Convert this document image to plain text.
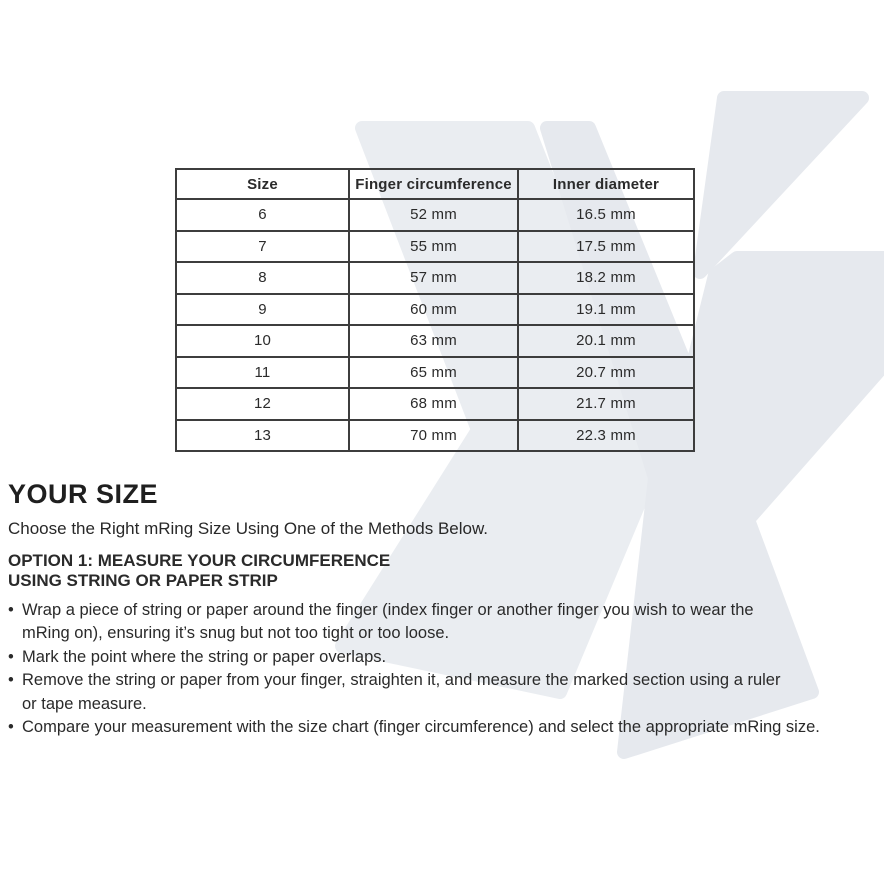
Size	Finger circumference	Inner diameter
6	52 mm	16.5 mm
7	55 mm	17.5 mm
8	57 mm	18.2 mm
9	60 mm	19.1 mm
10	63 mm	20.1 mm
11	65 mm	20.7 mm
12	68 mm	21.7 mm
13	70 mm	22.3 mm
YOUR SIZE
Choose the Right mRing Size Using One of the Methods Below.
OPTION 1: MEASURE YOUR CIRCUMFERENCE
USING STRING OR PAPER STRIP
• Wrap a piece of string or paper around the finger (index finger or another finger you wish to wear the
mRing on), ensuring it’s snug but not too tight or too loose.
• Mark the point where the string or paper overlaps.
• Remove the string or paper from your finger, straighten it, and measure the marked section using a ruler
or tape measure.
• Compare your measurement with the size chart (finger circumference) and select the appropriate mRing size.
